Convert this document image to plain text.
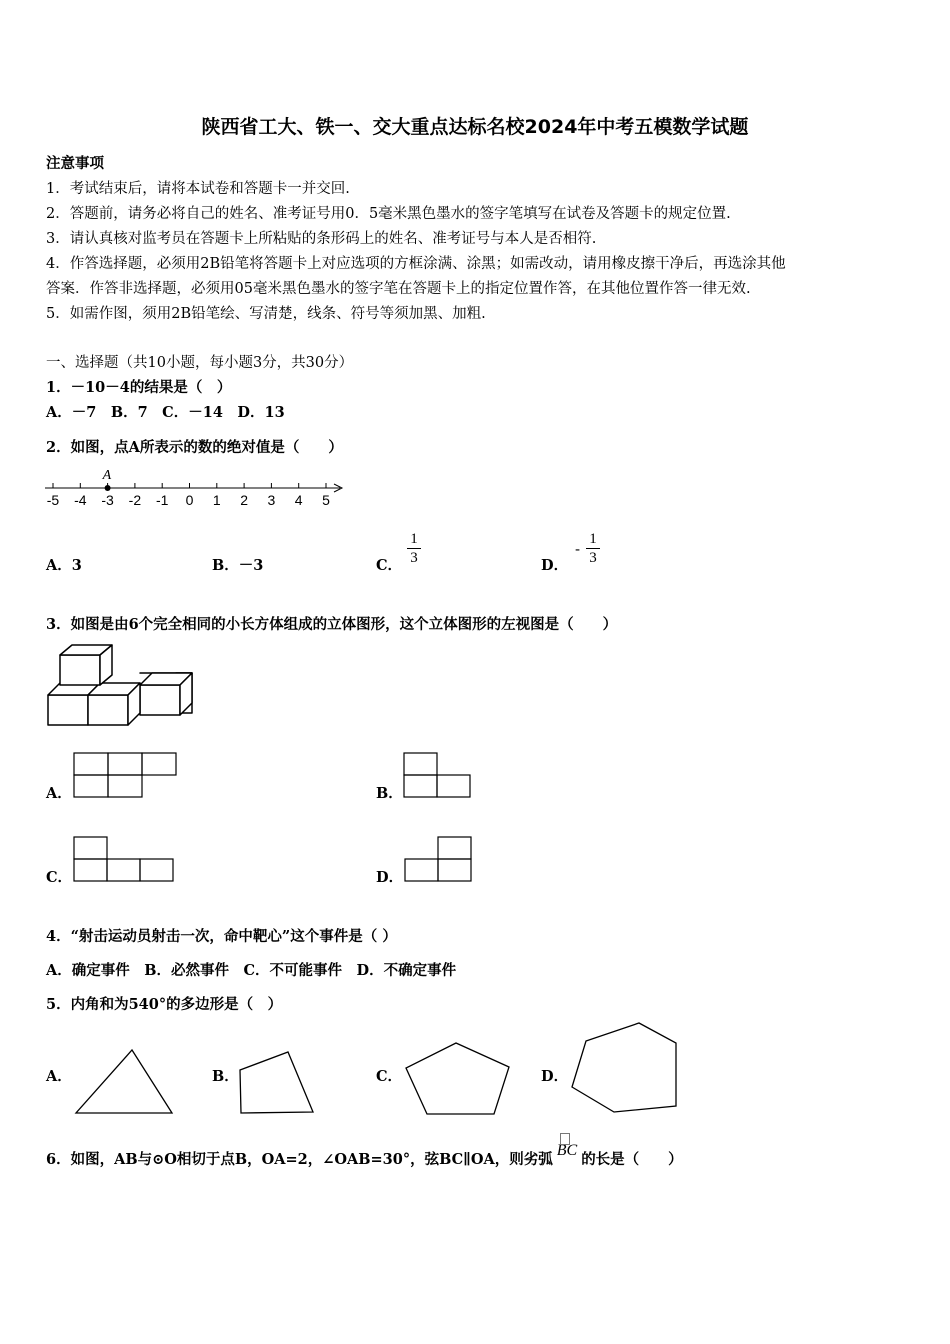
陕西省工大、铁一、交大重点达标名校2024年中考五模数学试题
注意事项
1．考试结束后，请将本试卷和答题卡一并交回.
2．答题前，请务必将自己的姓名、准考证号用0．5毫米黑色墨水的签字笔填写在试卷及答题卡的规定位置.
3．请认真核对监考员在答题卡上所粘贴的条形码上的姓名、准考证号与本人是否相符.
4．作答选择题，必须用2B铅笔将答题卡上对应选项的方框涂满、涂黑；如需改动，请用橡皮擦干净后，再选涂其他
答案．作答非选择题，必须用05毫米黑色墨水的签字笔在答题卡上的指定位置作答，在其他位置作答一律无效.
5．如需作图，须用2B铅笔绘、写清楚，线条、符号等须加黑、加粗.
一、选择题（共10小题，每小题3分，共30分）
1．－10－4的结果是（　）
A．－7　B．7　C．－14　D．13
2．如图，点A所表示的数的绝对值是（　　）
-5 -4 -3 -2 -1 0 1 2 3 4 5
A
A．3	B．－3	C． $\frac{1}{3}$	D．
- $\frac{1}{3}$
3．如图是由6个完全相同的小长方体组成的立体图形，这个立体图形的左视图是（　　）
A．	B．
C．	D．
4．“射击运动员射击一次，命中靶心”这个事件是（ ）
A．确定事件　B．必然事件　C．不可能事件　D．不确定事件
5．内角和为540°的多边形是（　）
A．	B．	C．	D．
6．如图，AB与⊙O相切于点B，OA=2，∠OAB=30°，弦BC∥OA，则劣弧
BC的长是（　　）
